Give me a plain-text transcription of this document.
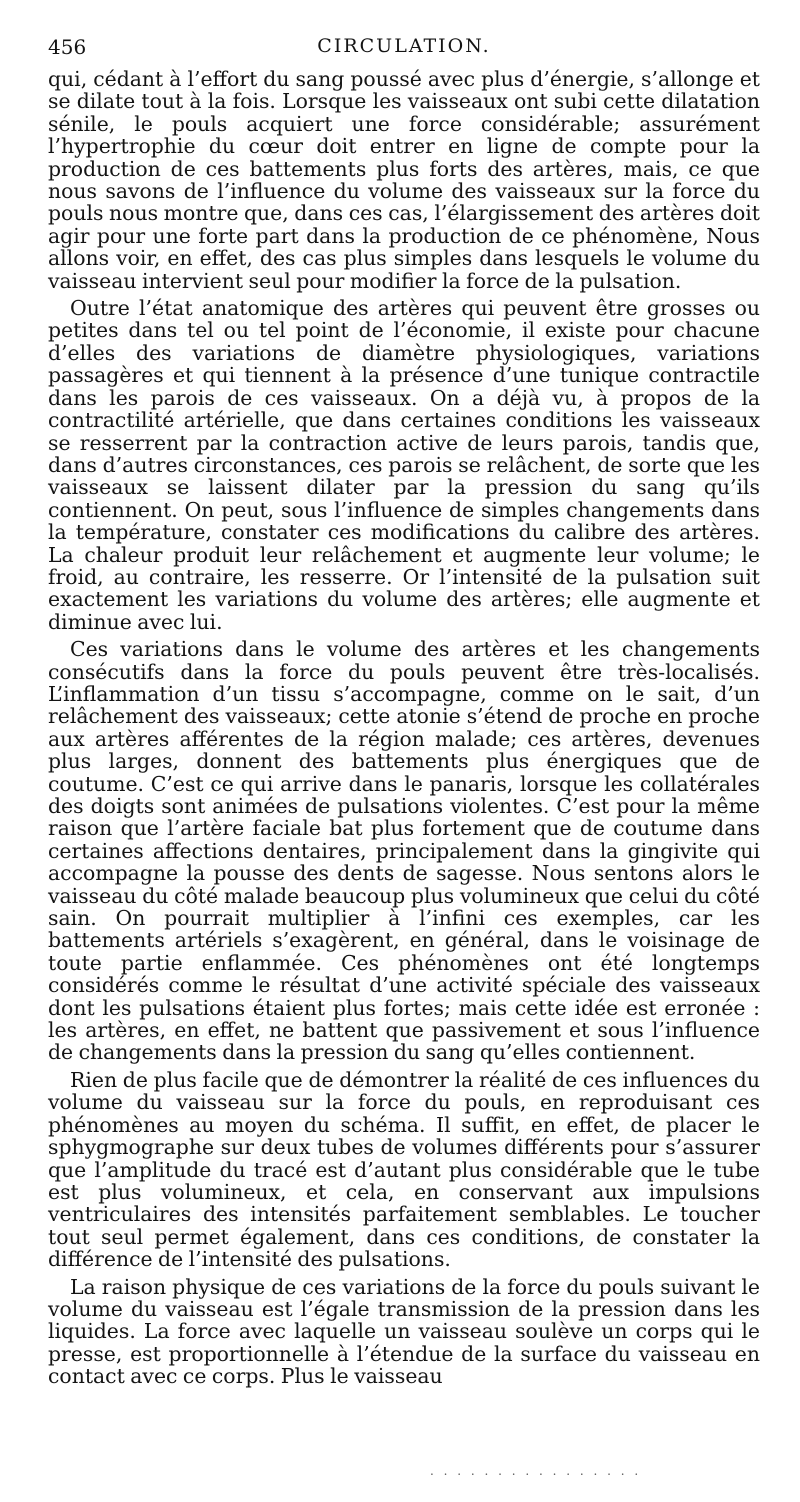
456	CIRCULATION.

qui, cédant à l’effort du sang poussé avec plus d’énergie, s’allonge et se dilate tout à la fois. Lorsque les vaisseaux ont subi cette dilatation sénile, le pouls acquiert une force considérable; assurément l’hypertrophie du cœur doit entrer en ligne de compte pour la production de ces battements plus forts des artères, mais, ce que nous savons de l’influence du volume des vaisseaux sur la force du pouls nous montre que, dans ces cas, l’élargissement des artères doit agir pour une forte part dans la production de ce phénomène, Nous allons voir, en effet, des cas plus simples dans lesquels le volume du vaisseau intervient seul pour modifier la force de la pulsation.

Outre l’état anatomique des artères qui peuvent être grosses ou petites dans tel ou tel point de l’économie, il existe pour chacune d’elles des variations de diamètre physiologiques, variations passagères et qui tiennent à la présence d’une tunique contractile dans les parois de ces vaisseaux. On a déjà vu, à propos de la contractilité artérielle, que dans certaines conditions les vaisseaux se resserrent par la contraction active de leurs parois, tandis que, dans d’autres circonstances, ces parois se relâchent, de sorte que les vaisseaux se laissent dilater par la pression du sang qu’ils contiennent. On peut, sous l’influence de simples changements dans la température, constater ces modifications du calibre des artères. La chaleur produit leur relâchement et augmente leur volume; le froid, au contraire, les resserre. Or l’intensité de la pulsation suit exactement les variations du volume des artères; elle augmente et diminue avec lui.

Ces variations dans le volume des artères et les changements consécutifs dans la force du pouls peuvent être très-localisés. L’inflammation d’un tissu s’accompagne, comme on le sait, d’un relâchement des vaisseaux; cette atonie s’étend de proche en proche aux artères afférentes de la région malade; ces artères, devenues plus larges, donnent des battements plus énergiques que de coutume. C’est ce qui arrive dans le panaris, lorsque les collatérales des doigts sont animées de pulsations violentes. C’est pour la même raison que l’artère faciale bat plus fortement que de coutume dans certaines affections dentaires, principalement dans la gingivite qui accompagne la pousse des dents de sagesse. Nous sentons alors le vaisseau du côté malade beaucoup plus volumineux que celui du côté sain. On pourrait multiplier à l’infini ces exemples, car les battements artériels s’exagèrent, en général, dans le voisinage de toute partie enflammée. Ces phénomènes ont été longtemps considérés comme le résultat d’une activité spéciale des vaisseaux dont les pulsations étaient plus fortes; mais cette idée est erronée : les artères, en effet, ne battent que passivement et sous l’influence de changements dans la pression du sang qu’elles contiennent.

Rien de plus facile que de démontrer la réalité de ces influences du volume du vaisseau sur la force du pouls, en reproduisant ces phénomènes au moyen du schéma. Il suffit, en effet, de placer le sphygmographe sur deux tubes de volumes différents pour s’assurer que l’amplitude du tracé est d’autant plus considérable que le tube est plus volumineux, et cela, en conservant aux impulsions ventriculaires des intensités parfaitement semblables. Le toucher tout seul permet également, dans ces conditions, de constater la différence de l’intensité des pulsations.

La raison physique de ces variations de la force du pouls suivant le volume du vaisseau est l’égale transmission de la pression dans les liquides. La force avec laquelle un vaisseau soulève un corps qui le presse, est proportionnelle à l’étendue de la surface du vaisseau en contact avec ce corps. Plus le vaisseau

. . . . . . . . . . . . . . . .
